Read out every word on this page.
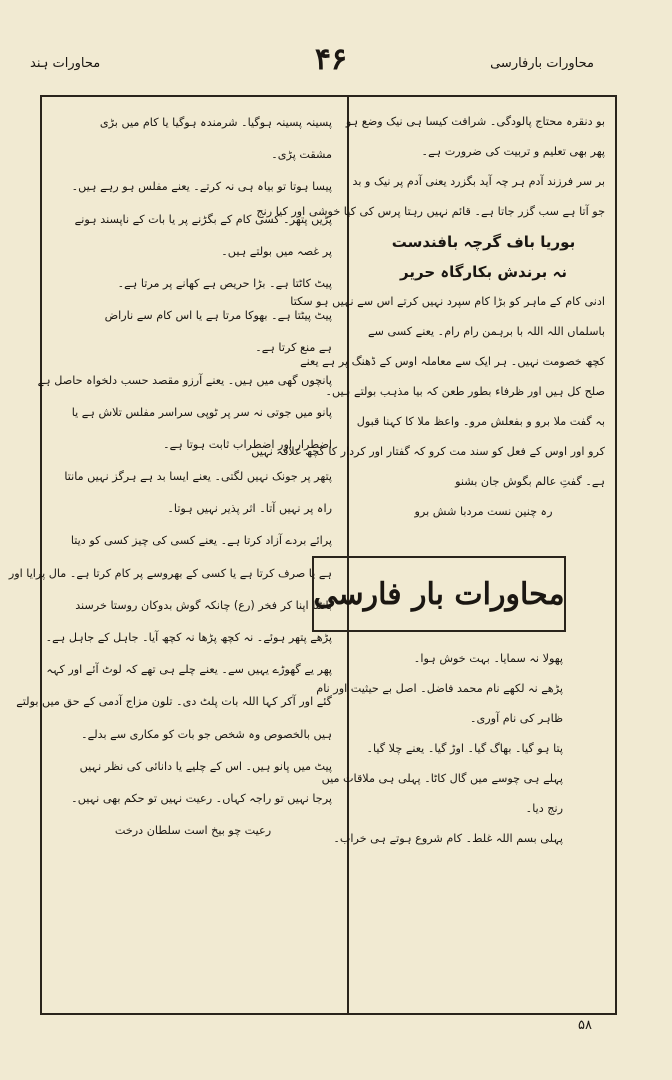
محاورات ہند	۴۶	محاورات بارفارسی

پسینہ پسینہ ہوگیا۔ شرمندہ ہوگیا یا کام میں بڑی

مشقت پڑی۔

پیسا ہوتا تو بیاہ ہی نہ کرتے۔ یعنے مفلس ہو رہے ہیں۔

پڑیں پتھر۔ کسی کام کے بگڑنے پر یا بات کے ناپسند ہونے

پر غصہ میں بولتے ہیں۔

پیٹ کاٹتا ہے۔ بڑا حریص ہے کھانے پر مرتا ہے۔

پیٹ پیٹتا ہے۔ بھوکا مرتا ہے یا اس کام سے ناراض

ہے منع کرتا ہے۔

پانچوں گھی میں ہیں۔ یعنے آرزو مقصد حسب دلخواہ حاصل ہے

پانو میں جوتی نہ سر پر ٹوپی سراسر مفلس تلاش ہے یا

اضطرار اور اضطراب ثابت ہوتا ہے۔

پتھر پر جونک نہیں لگتی۔ یعنے ایسا بد ہے ہرگز نہیں مانتا

راہ پر نہیں آتا۔ اثر پذیر نہیں ہوتا۔

پرائے بردے آزاد کرتا ہے۔ یعنے کسی کی چیز کسی کو دیتا

ہے یا صرف کرتا ہے یا کسی کے بھروسے پر کام کرتا ہے۔ مال پرایا اور

بانٹنا اپنا کر فخر (رع) چانکہ گوش بدوکان روستا خرسند

پڑھے پتھر ہوئے۔ نہ کچھ پڑھا نہ کچھ آیا۔ جاہل کے جاہل ہے۔

پھر یے گھوڑے یہیں سے۔ یعنے چلے ہی تھے کہ لوٹ آئے اور کہہ

گئے اور آکر کہا اللہ بات پلٹ دی۔ تلون مزاج آدمی کے حق میں بولتے

ہیں بالخصوص وہ شخص جو بات کو مکاری سے بدلے۔

پیٹ میں پانو ہیں۔ اس کے چلیے یا دانائی کی نظر نہیں

پرجا نہیں تو راجہ کہاں۔ رعیت نہیں تو حکم بھی نہیں۔

رعیت چو بیخ است سلطان درخت

بو دنقرہ محتاج پالودگی۔ شرافت کیسا ہی نیک وضع ہو

پھر بھی تعلیم و تربیت کی ضرورت ہے۔

بر سر فرزند آدم ہر چہ آید بگزرد یعنی آدم پر نیک و بد

جو آتا ہے سب گزر جاتا ہے۔ قائم نہیں رہتا پرس کی کیا خوشی اور کیا رنج

بوریا باف گرچہ بافندست

نہ برندش بکارگاہ حریر

ادنی کام کے ماہر کو بڑا کام سپرد نہیں کرتے اس سے نہیں ہو سکتا

باسلماں اللہ اللہ با برہمن رام رام۔ یعنے کسی سے

کچھ خصومت نہیں۔ ہر ایک سے معاملہ اوس کے ڈھنگ پر ہے یعنے

صلح کل ہیں اور ظرفاء بطور طعن کہ بیا مذہب بولتے ہیں۔

بہ گفت ملا برو و بفعلش مرو۔ واعظ ملا کا کہنا قبول

کرو اور اوس کے فعل کو سند مت کرو کہ گفتار اور کردار کا کچھ علاقہ نہیں

ہے۔ گفتِ عالم بگوش جان بشنو

رہ چنین نست مردبا شش برو

محاورات بار فارسی

پھولا نہ سمایا۔ بہت خوش ہوا۔

پڑھے نہ لکھے نام محمد فاضل۔ اصل بے حیثیت اور نام

ظاہر کی نام آوری۔

پتا ہو گیا۔ بھاگ گیا۔ اوڑ گیا۔ یعنے چلا گیا۔

پہلے ہی چوسے میں گال کاٹا۔ پہلی ہی ملاقات میں

رنج دیا۔

پہلی بسم اللہ غلط۔ کام شروع ہوتے ہی خراب۔

۵۸
